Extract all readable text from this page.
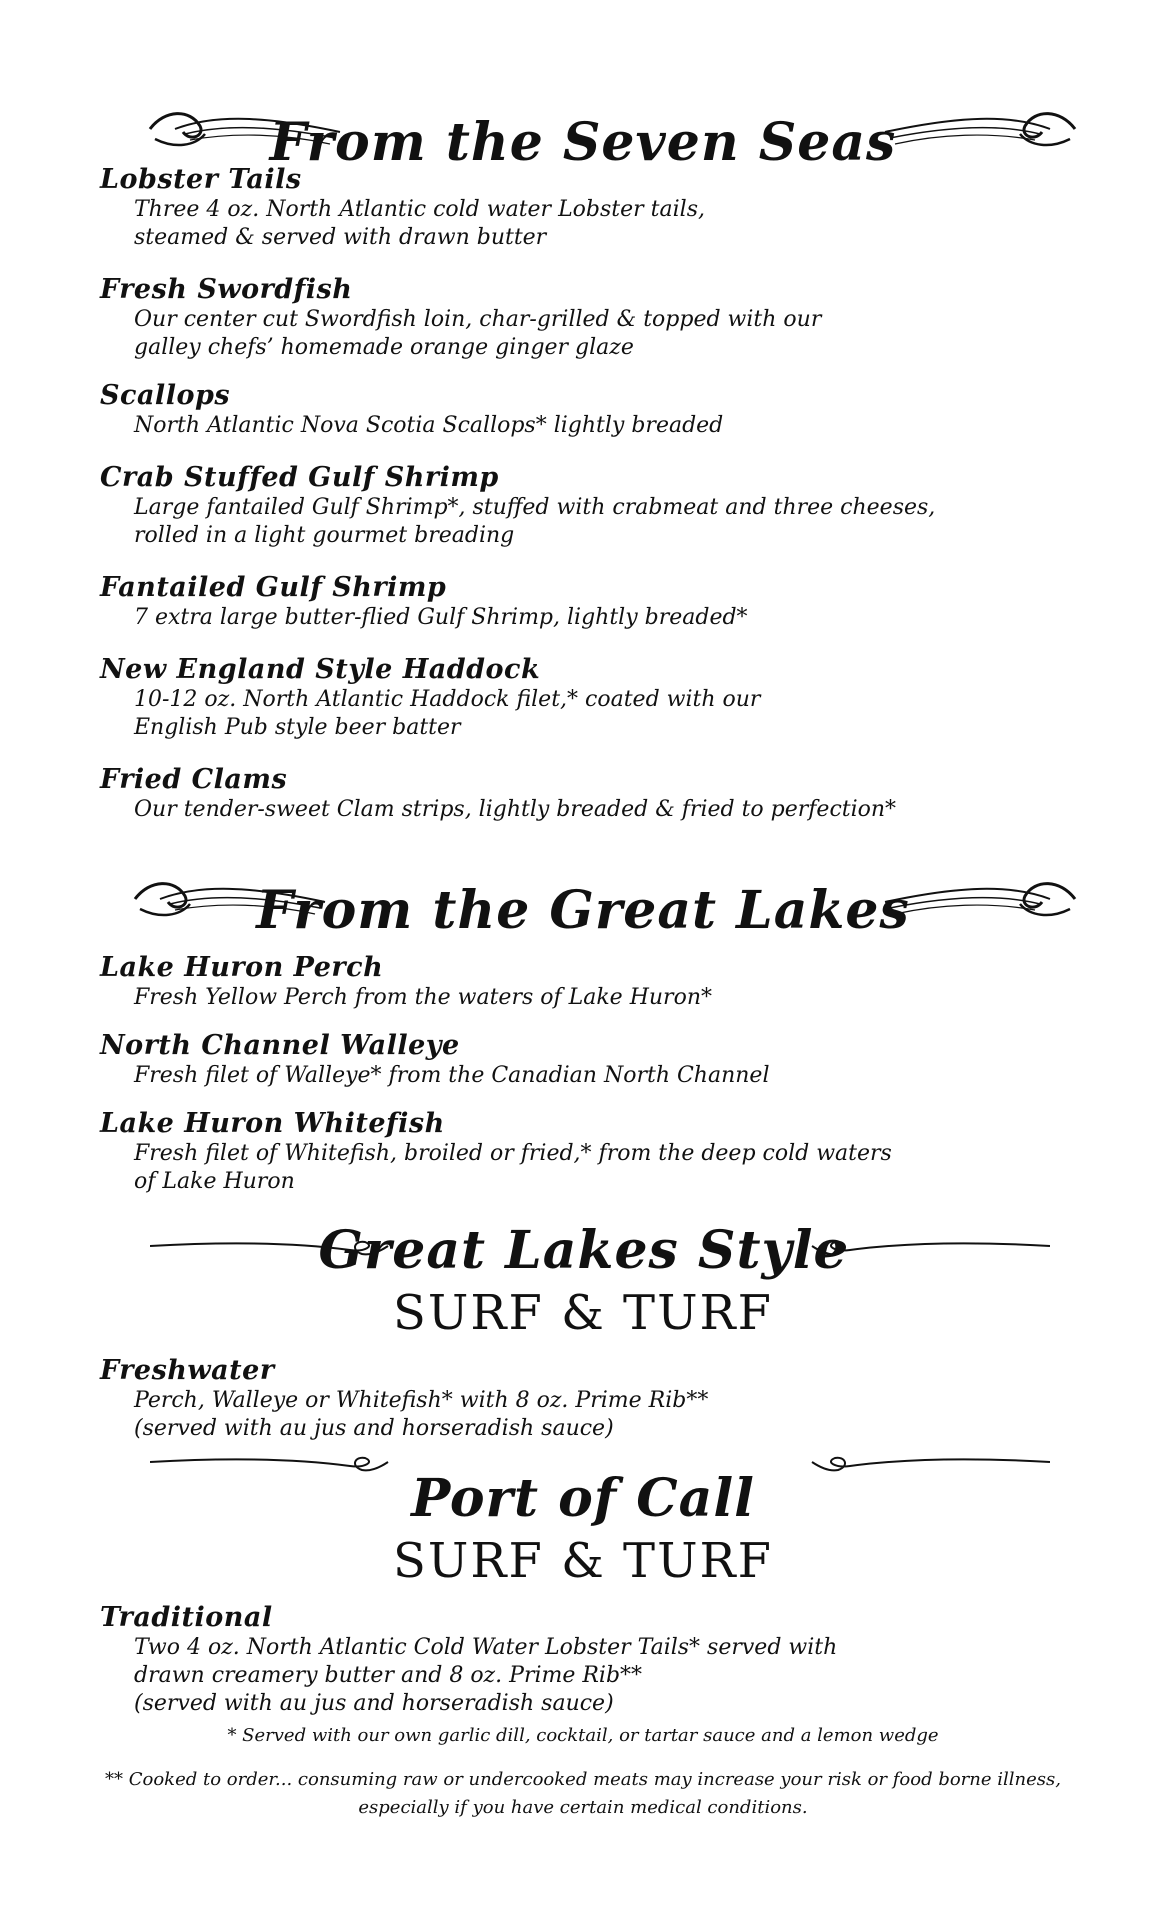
From the Seven Seas
Lobster Tails
Three 4 oz. North Atlantic cold water Lobster tails,
steamed & served with drawn butter
Fresh Swordfish
Our center cut Swordfish loin, char-grilled & topped with our
galley chefs’ homemade orange ginger glaze
Scallops
North Atlantic Nova Scotia Scallops* lightly breaded
Crab Stuffed Gulf Shrimp
Large fantailed Gulf Shrimp*, stuffed with crabmeat and three cheeses,
rolled in a light gourmet breading
Fantailed Gulf Shrimp
7 extra large butter-flied Gulf Shrimp, lightly breaded*
New England Style Haddock
10-12 oz. North Atlantic Haddock filet,* coated with our
English Pub style beer batter
Fried Clams
Our tender-sweet Clam strips, lightly breaded & fried to perfection*
From the Great Lakes
Lake Huron Perch
Fresh Yellow Perch from the waters of Lake Huron*
North Channel Walleye
Fresh filet of Walleye* from the Canadian North Channel
Lake Huron Whitefish
Fresh filet of Whitefish, broiled or fried,* from the deep cold waters
of Lake Huron
Great Lakes Style
SURF & TURF
Freshwater
Perch, Walleye or Whitefish* with 8 oz. Prime Rib**
(served with au jus and horseradish sauce)
Port of Call
SURF & TURF
Traditional
Two 4 oz. North Atlantic Cold Water Lobster Tails* served with
drawn creamery butter and 8 oz. Prime Rib**
(served with au jus and horseradish sauce)
* Served with our own garlic dill, cocktail, or tartar sauce and a lemon wedge
** Cooked to order... consuming raw or undercooked meats may increase your risk or food borne illness,
especially if you have certain medical conditions.
